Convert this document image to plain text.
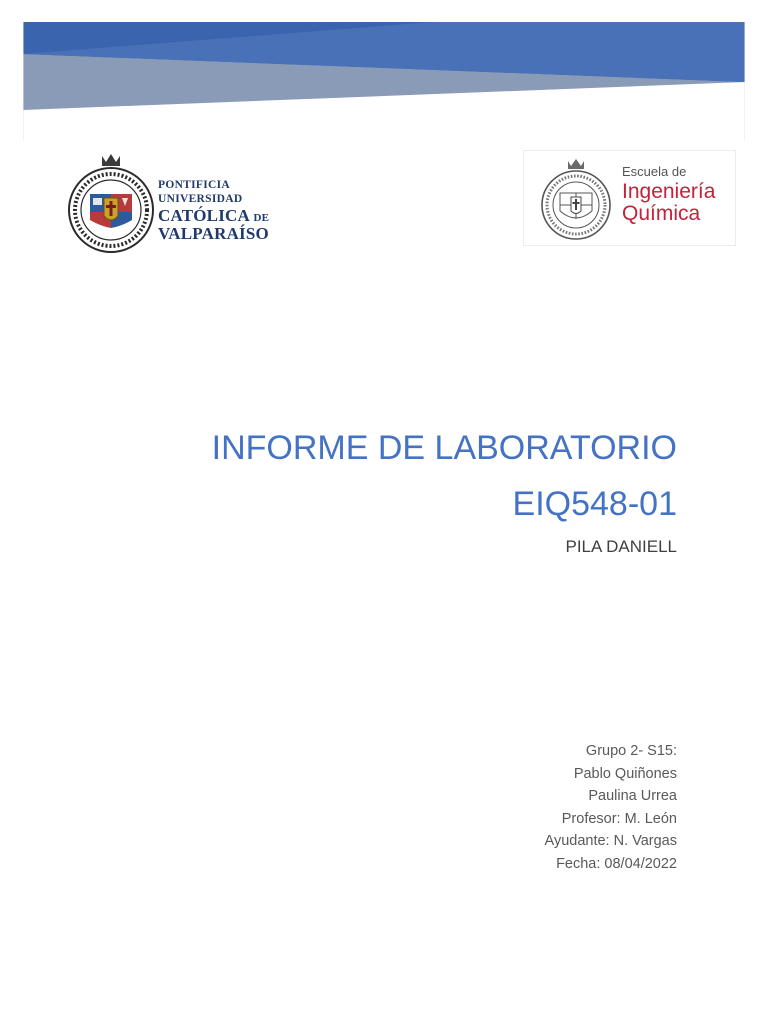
PONTIFICIA
UNIVERSIDAD
CATÓLICA DE
VALPARAÍSO
Escuela de
Ingeniería
Química
INFORME DE LABORATORIO
EIQ548-01
PILA DANIELL
Grupo 2- S15:
Pablo Quiñones
Paulina Urrea
Profesor: M. León
Ayudante: N. Vargas
Fecha: 08/04/2022
